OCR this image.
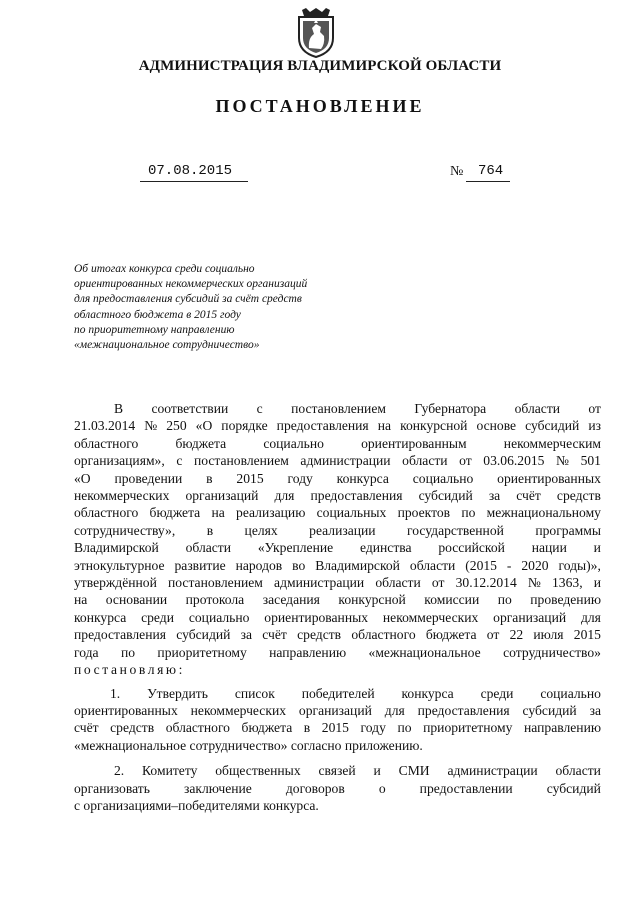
АДМИНИСТРАЦИЯ ВЛАДИМИРСКОЙ ОБЛАСТИ
ПОСТАНОВЛЕНИЕ
07.08.2015	№ 764
Об итогах конкурса среди социально
ориентированных некоммерческих организаций
для предоставления субсидий за счёт средств
областного бюджета в 2015 году
по приоритетному направлению
«межнациональное сотрудничество»
В соответствии с постановлением Губернатора области от
21.03.2014 № 250 «О порядке предоставления на конкурсной основе субсидий из
областного	бюджета	социально	ориентированным	некоммерческим
организациям», с постановлением администрации области от 03.06.2015 № 501
«О проведении в 2015 году конкурса социально ориентированных
некоммерческих организаций для предоставления субсидий за счёт средств
областного бюджета на реализацию социальных проектов по межнациональному
сотрудничеству», в целях реализации государственной программы
Владимирской области «Укрепление единства российской нации и
этнокультурное развитие народов во Владимирской области (2015 - 2020 годы)»,
утверждённой постановлением администрации области от 30.12.2014 № 1363, и
на основании протокола заседания конкурсной комиссии по проведению
конкурса среди социально ориентированных некоммерческих организаций для
предоставления субсидий за счёт средств областного бюджета от 22 июля 2015
года по приоритетному направлению «межнациональное сотрудничество»
постановляю:
1. Утвердить список победителей конкурса среди социально
ориентированных некоммерческих организаций для предоставления субсидий за
счёт средств областного бюджета в 2015 году по приоритетному направлению
«межнациональное сотрудничество» согласно приложению.
2. Комитету общественных связей и СМИ администрации области
организовать	заключение	договоров	о	предоставлении	субсидий
с организациями–победителями конкурса.
